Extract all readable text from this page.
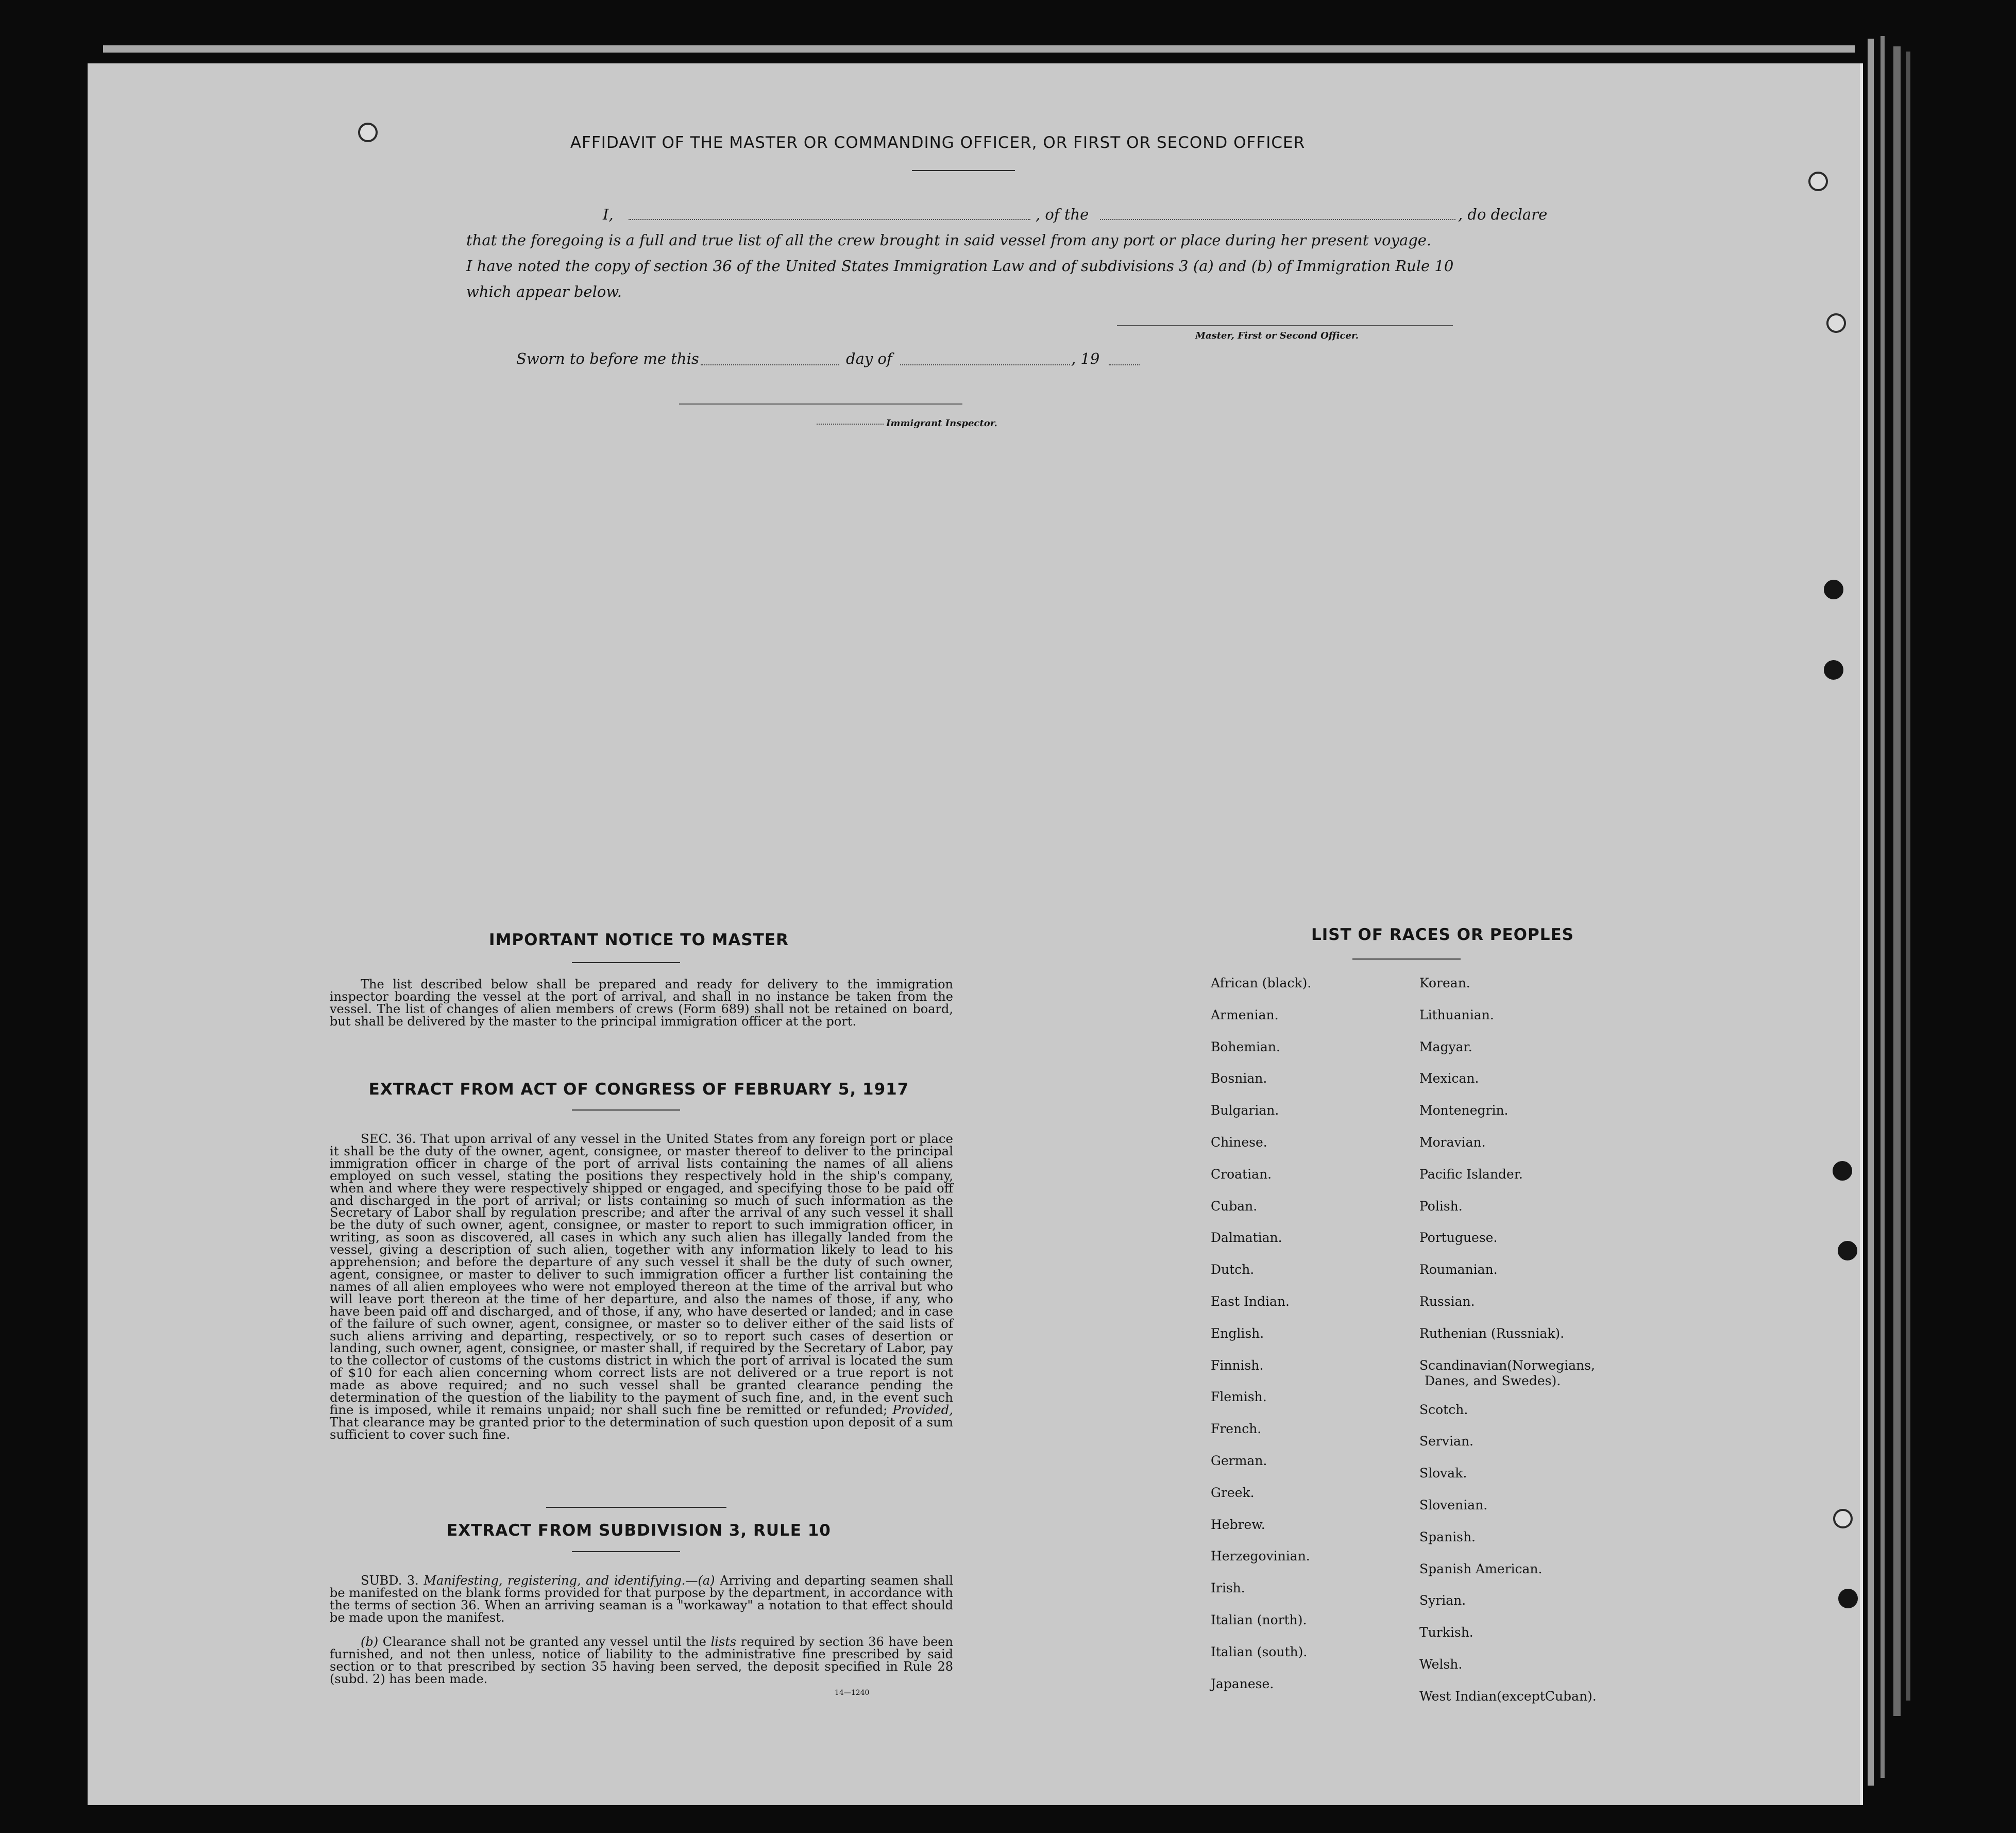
AFFIDAVIT OF THE MASTER OR COMMANDING OFFICER, OR FIRST OR SECOND OFFICER
I,	, of the	, do declare
that the foregoing is a full and true list of all the crew brought in said vessel from any port or place during her present voyage.
I have noted the copy of section 36 of the United States Immigration Law and of subdivisions 3 (a) and (b) of Immigration Rule 10
which appear below.
Master, First or Second Officer.
Sworn to before me this	day of	, 19
Immigrant Inspector.
IMPORTANT NOTICE TO MASTER
The list described below shall be prepared and ready for delivery to the immigration inspector boarding the vessel at the port of arrival, and shall in no instance be taken from the vessel. The list of changes of alien members of crews (Form 689) shall not be retained on board, but shall be delivered by the master to the principal immigration officer at the port.
EXTRACT FROM ACT OF CONGRESS OF FEBRUARY 5, 1917
SEC. 36. That upon arrival of any vessel in the United States from any foreign port or place it shall be the duty of the owner, agent, consignee, or master thereof to deliver to the principal immigration officer in charge of the port of arrival lists containing the names of all aliens employed on such vessel, stating the positions they respectively hold in the ship's company, when and where they were respectively shipped or engaged, and specifying those to be paid off and discharged in the port of arrival; or lists containing so much of such information as the Secretary of Labor shall by regulation prescribe; and after the arrival of any such vessel it shall be the duty of such owner, agent, consignee, or master to report to such immigration officer, in writing, as soon as discovered, all cases in which any such alien has illegally landed from the vessel, giving a description of such alien, together with any information likely to lead to his apprehension; and before the departure of any such vessel it shall be the duty of such owner, agent, consignee, or master to deliver to such immigration officer a further list containing the names of all alien employees who were not employed thereon at the time of the arrival but who will leave port thereon at the time of her departure, and also the names of those, if any, who have been paid off and discharged, and of those, if any, who have deserted or landed; and in case of the failure of such owner, agent, consignee, or master so to deliver either of the said lists of such aliens arriving and departing, respectively, or so to report such cases of desertion or landing, such owner, agent, consignee, or master shall, if required by the Secretary of Labor, pay to the collector of customs of the customs district in which the port of arrival is located the sum of $10 for each alien concerning whom correct lists are not delivered or a true report is not made as above required; and no such vessel shall be granted clearance pending the determination of the question of the liability to the payment of such fine, and, in the event such fine is imposed, while it remains unpaid; nor shall such fine be remitted or refunded; Provided, That clearance may be granted prior to the determination of such question upon deposit of a sum sufficient to cover such fine.
EXTRACT FROM SUBDIVISION 3, RULE 10
SUBD. 3. Manifesting, registering, and identifying.—(a) Arriving and departing seamen shall be manifested on the blank forms provided for that purpose by the department, in accordance with the terms of section 36. When an arriving seaman is a "workaway" a notation to that effect should be made upon the manifest.
(b) Clearance shall not be granted any vessel until the lists required by section 36 have been furnished, and not then unless, notice of liability to the administrative fine prescribed by said section or to that prescribed by section 35 having been served, the deposit specified in Rule 28 (subd. 2) has been made.
14—1240
LIST OF RACES OR PEOPLES
African (black).
Armenian.
Bohemian.
Bosnian.
Bulgarian.
Chinese.
Croatian.
Cuban.
Dalmatian.
Dutch.
East Indian.
English.
Finnish.
Flemish.
French.
German.
Greek.
Hebrew.
Herzegovinian.
Irish.
Italian (north).
Italian (south).
Japanese.
Korean.
Lithuanian.
Magyar.
Mexican.
Montenegrin.
Moravian.
Pacific Islander.
Polish.
Portuguese.
Roumanian.
Russian.
Ruthenian (Russniak).
Scandinavian(Norwegians,
Danes, and Swedes).
Scotch.
Servian.
Slovak.
Slovenian.
Spanish.
Spanish American.
Syrian.
Turkish.
Welsh.
West Indian(exceptCuban).
